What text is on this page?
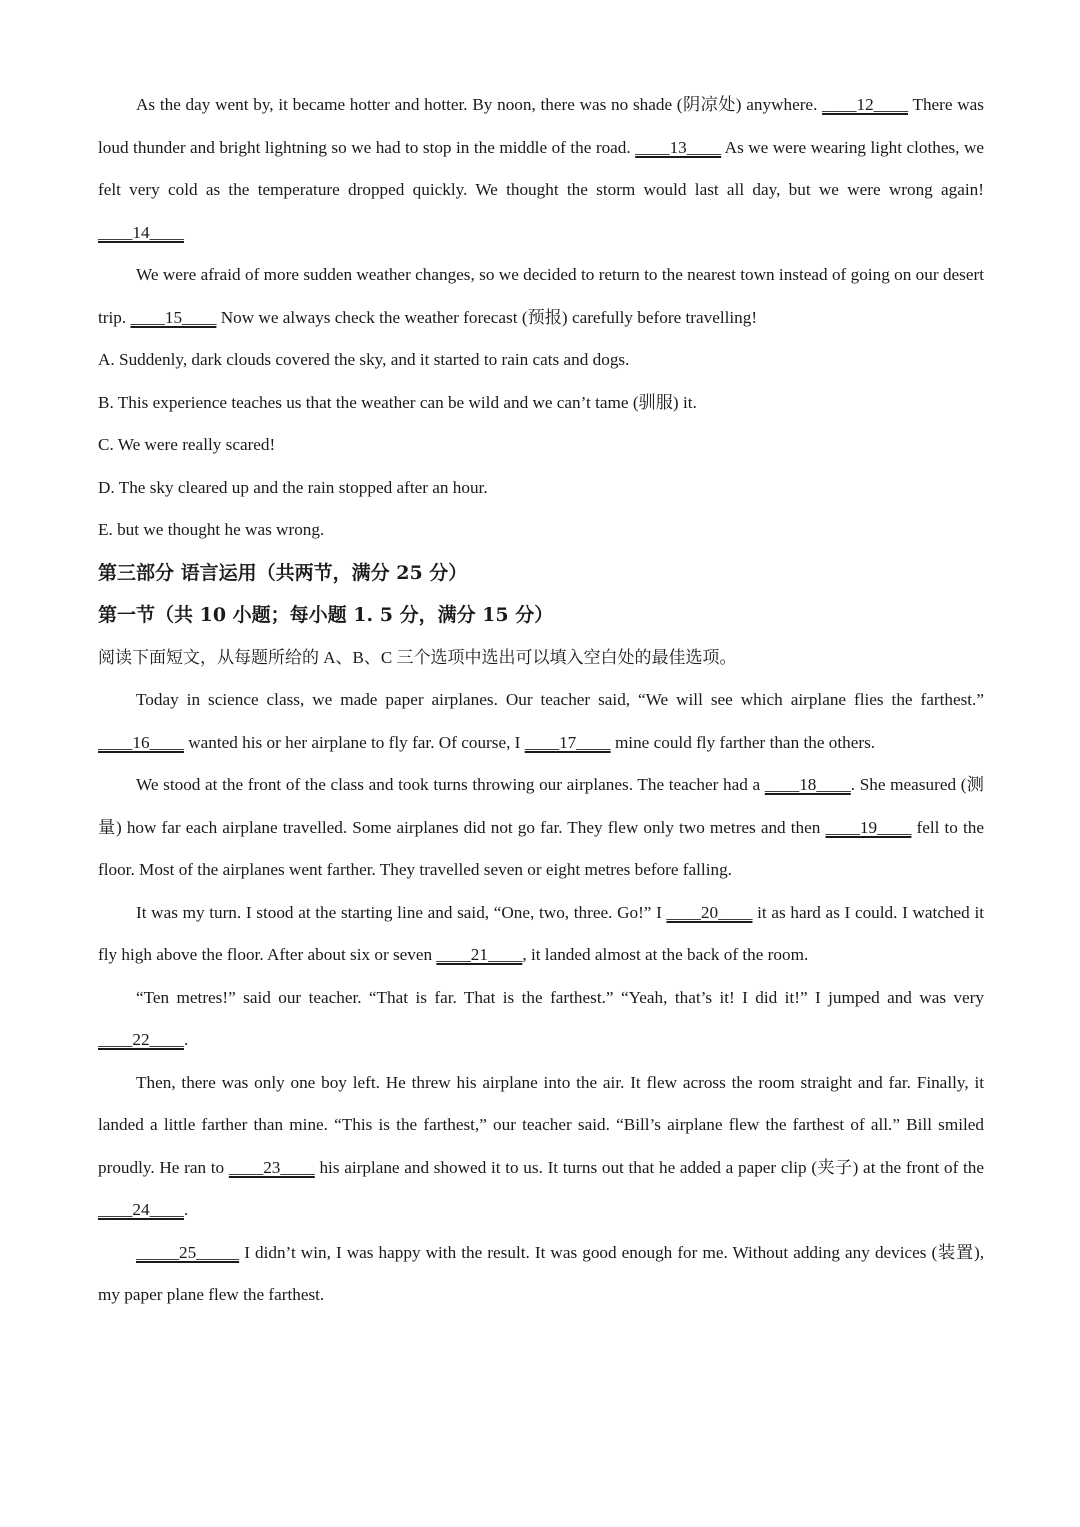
As the day went by, it became hotter and hotter. By noon, there was no shade (阴凉处) anywhere. ____12____ There was loud thunder and bright lightning so we had to stop in the middle of the road. ____13____ As we were wearing light clothes, we felt very cold as the temperature dropped quickly. We thought the storm would last all day, but we were wrong again! ____14____

We were afraid of more sudden weather changes, so we decided to return to the nearest town instead of going on our desert trip. ____15____ Now we always check the weather forecast (预报) carefully before travelling!

A. Suddenly, dark clouds covered the sky, and it started to rain cats and dogs.

B. This experience teaches us that the weather can be wild and we can’t tame (驯服) it.

C. We were really scared!

D. The sky cleared up and the rain stopped after an hour.

E. but we thought he was wrong.

第三部分 语言运用（共两节，满分 25 分）

第一节（共 10 小题；每小题 1. 5 分，满分 15 分）

阅读下面短文，从每题所给的 A、B、C 三个选项中选出可以填入空白处的最佳选项。

Today in science class, we made paper airplanes. Our teacher said, “We will see which airplane flies the farthest.” ____16____ wanted his or her airplane to fly far. Of course, I ____17____ mine could fly farther than the others.

We stood at the front of the class and took turns throwing our airplanes. The teacher had a ____18____. She measured (测量) how far each airplane travelled. Some airplanes did not go far. They flew only two metres and then ____19____ fell to the floor. Most of the airplanes went farther. They travelled seven or eight metres before falling.

It was my turn. I stood at the starting line and said, “One, two, three. Go!” I ____20____ it as hard as I could. I watched it fly high above the floor. After about six or seven ____21____, it landed almost at the back of the room.

“Ten metres!” said our teacher. “That is far. That is the farthest.” “Yeah, that’s it! I did it!” I jumped and was very ____22____.

Then, there was only one boy left. He threw his airplane into the air. It flew across the room straight and far. Finally, it landed a little farther than mine. “This is the farthest,” our teacher said. “Bill’s airplane flew the farthest of all.” Bill smiled proudly. He ran to ____23____ his airplane and showed it to us. It turns out that he added a paper clip (夹子) at the front of the ____24____.

_____25_____ I didn’t win, I was happy with the result. It was good enough for me. Without adding any devices (装置), my paper plane flew the farthest.
